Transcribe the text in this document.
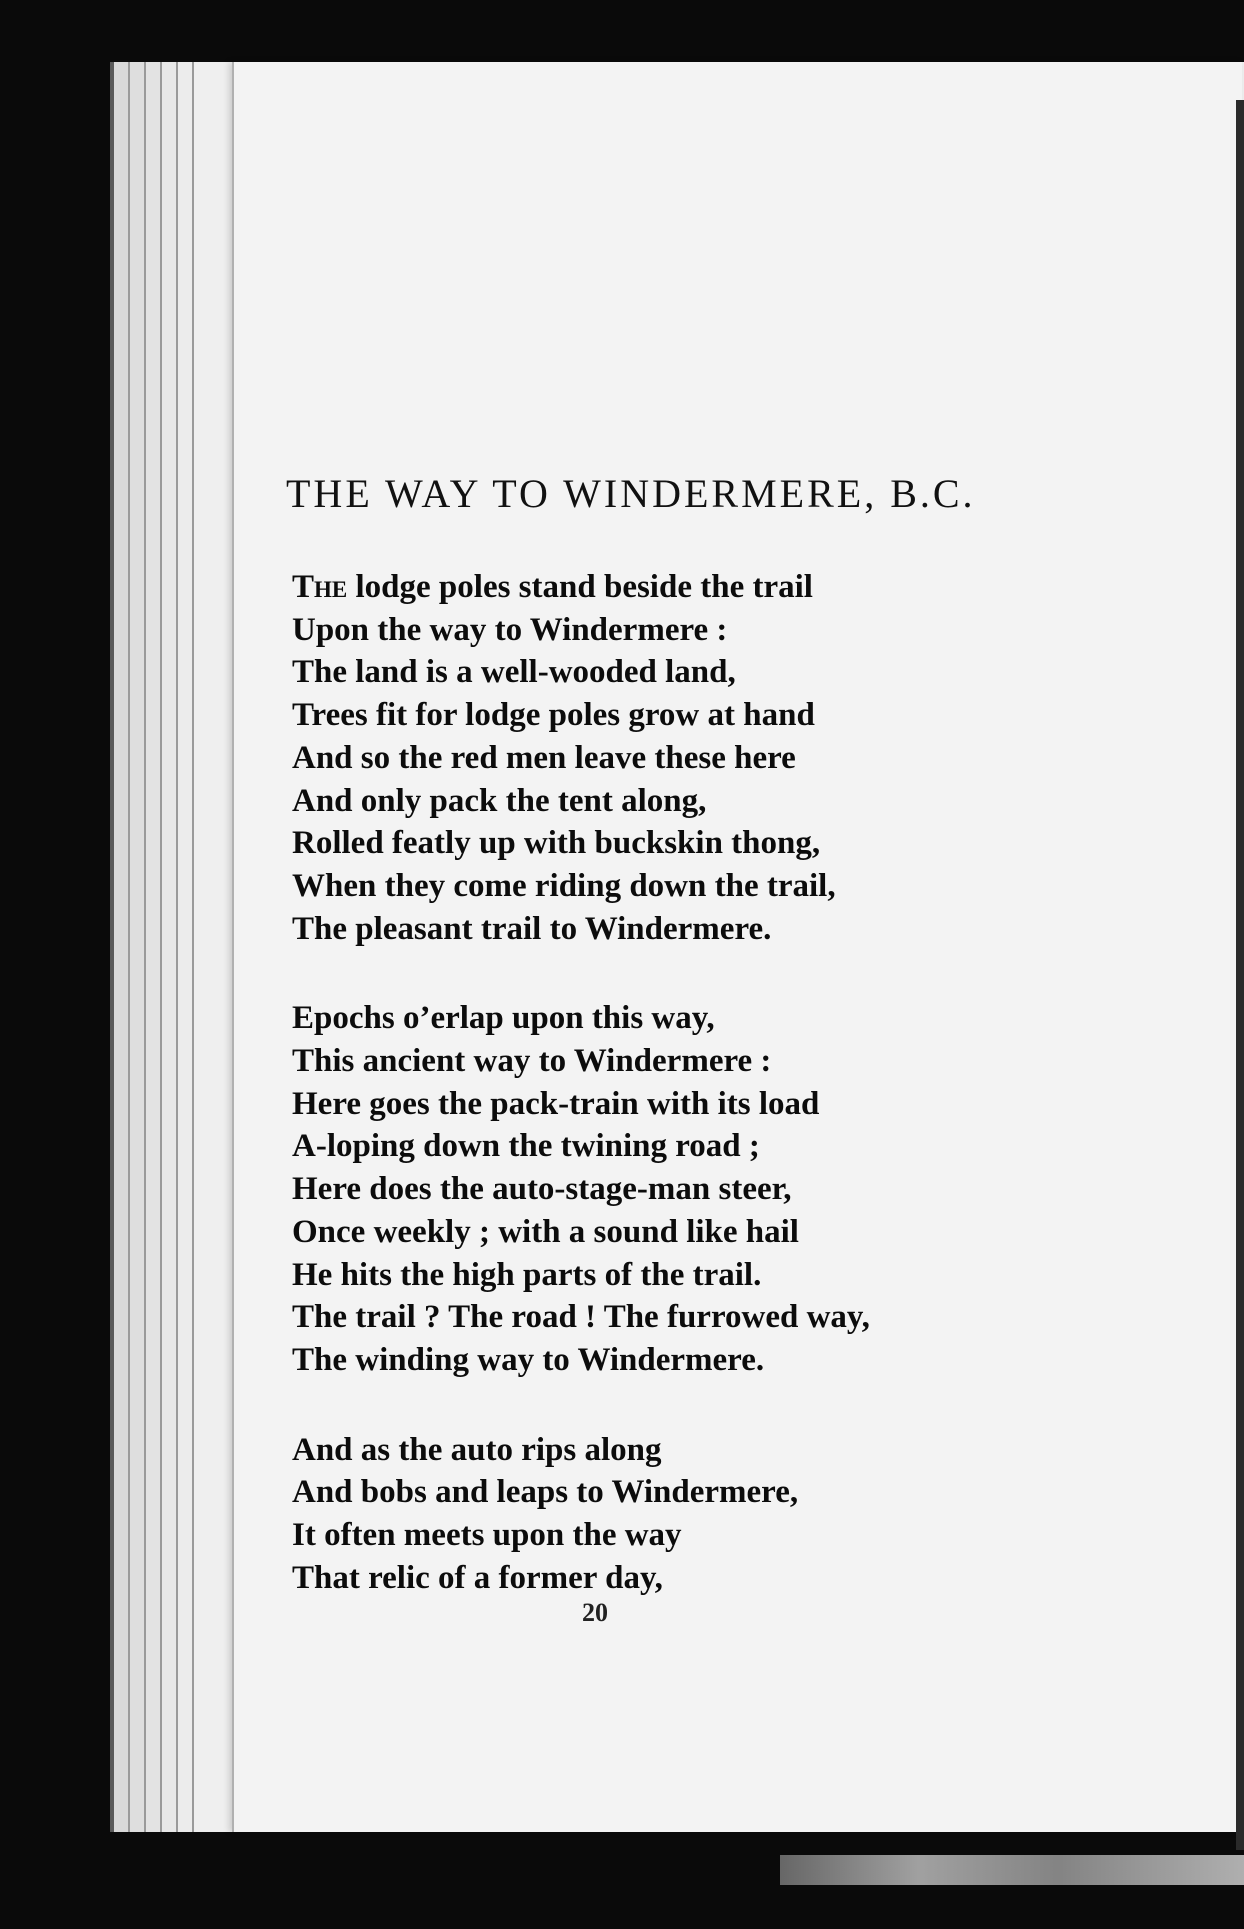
THE WAY TO WINDERMERE, B.C.
The lodge poles stand beside the trail
Upon the way to Windermere :
The land is a well-wooded land,
Trees fit for lodge poles grow at hand
And so the red men leave these here
And only pack the tent along,
Rolled featly up with buckskin thong,
When they come riding down the trail,
The pleasant trail to Windermere.
Epochs o’erlap upon this way,
This ancient way to Windermere :
Here goes the pack-train with its load
A-loping down the twining road ;
Here does the auto-stage-man steer,
Once weekly ; with a sound like hail
He hits the high parts of the trail.
The trail ? The road ! The furrowed way,
The winding way to Windermere.
And as the auto rips along
And bobs and leaps to Windermere,
It often meets upon the way
That relic of a former day,
20
